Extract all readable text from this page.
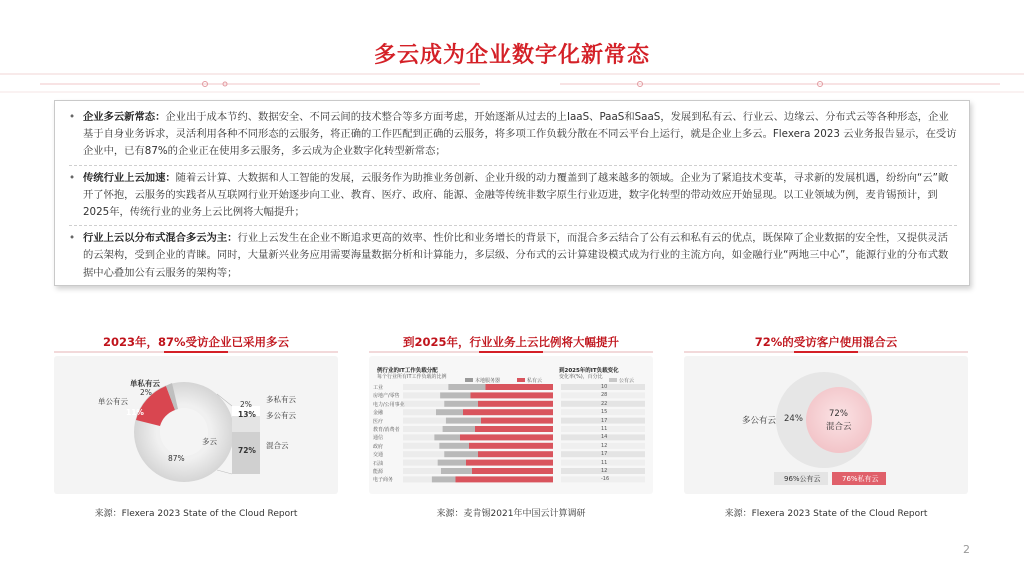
多云成为企业数字化新常态
• 企业多云新常态：企业出于成本节约、数据安全、不同云间的技术整合等多方面考虑，开始逐渐从过去的上IaaS、PaaS和SaaS，发展到私有云、行业云、边缘云、分布式云等各种形态，企业基于自身业务诉求，灵活利用各种不同形态的云服务，将正确的工作匹配到正确的云服务，将多项工作负载分散在不同云平台上运行，就是企业上多云。Flexera 2023 云业务报告显示，在受访企业中，已有87%的企业正在使用多云服务，多云成为企业数字化转型新常态；
• 传统行业上云加速：随着云计算、大数据和人工智能的发展，云服务作为助推业务创新、企业升级的动力覆盖到了越来越多的领域。企业为了紧追技术变革，寻求新的发展机遇，纷纷向“云”敞开了怀抱，云服务的实践者从互联网行业开始逐步向工业、教育、医疗、政府、能源、金融等传统非数字原生行业迈进，数字化转型的带动效应开始显现。以工业领域为例，麦肯锡预计，到2025年，传统行业的业务上云比例将大幅提升；
• 行业上云以分布式混合多云为主：行业上云发生在企业不断追求更高的效率、性价比和业务增长的背景下，而混合多云结合了公有云和私有云的优点，既保障了企业数据的安全性，又提供灵活的云架构，受到企业的青睐。同时，大量新兴业务应用需要海量数据分析和计算能力，多层级、分布式的云计算建设模式成为行业的主流方向，如金融行业“两地三中心”，能源行业的分布式数据中心叠加公有云服务的架构等；
2023年，87%受访企业已采用多云
单私有云
2%
单公有云
11%
多云
87%
2%
13%
72%
多私有云
多公有云
混合云
来源：Flexera 2023 State of the Cloud Report
到2025年，行业业务上云比例将大幅提升
例行业的IT工作负载分配
每个行业所有IT工作负载的比例
本地服务器	私有云
到2025年的IT负载变化
变化率(%)，百分比
公有云
工业	10
房地产/零售	28
电力/公用事业	22
金融	15
医疗	17
教育/消费者	11
通信	14
政府	12
交通	17
石油	11
能源	12
电子商务	-16
来源：麦肯锡2021年中国云计算调研
72%的受访客户使用混合云
多公有云 24%	72%
混合云
96%公有云	76%私有云
来源：Flexera 2023 State of the Cloud Report
2
